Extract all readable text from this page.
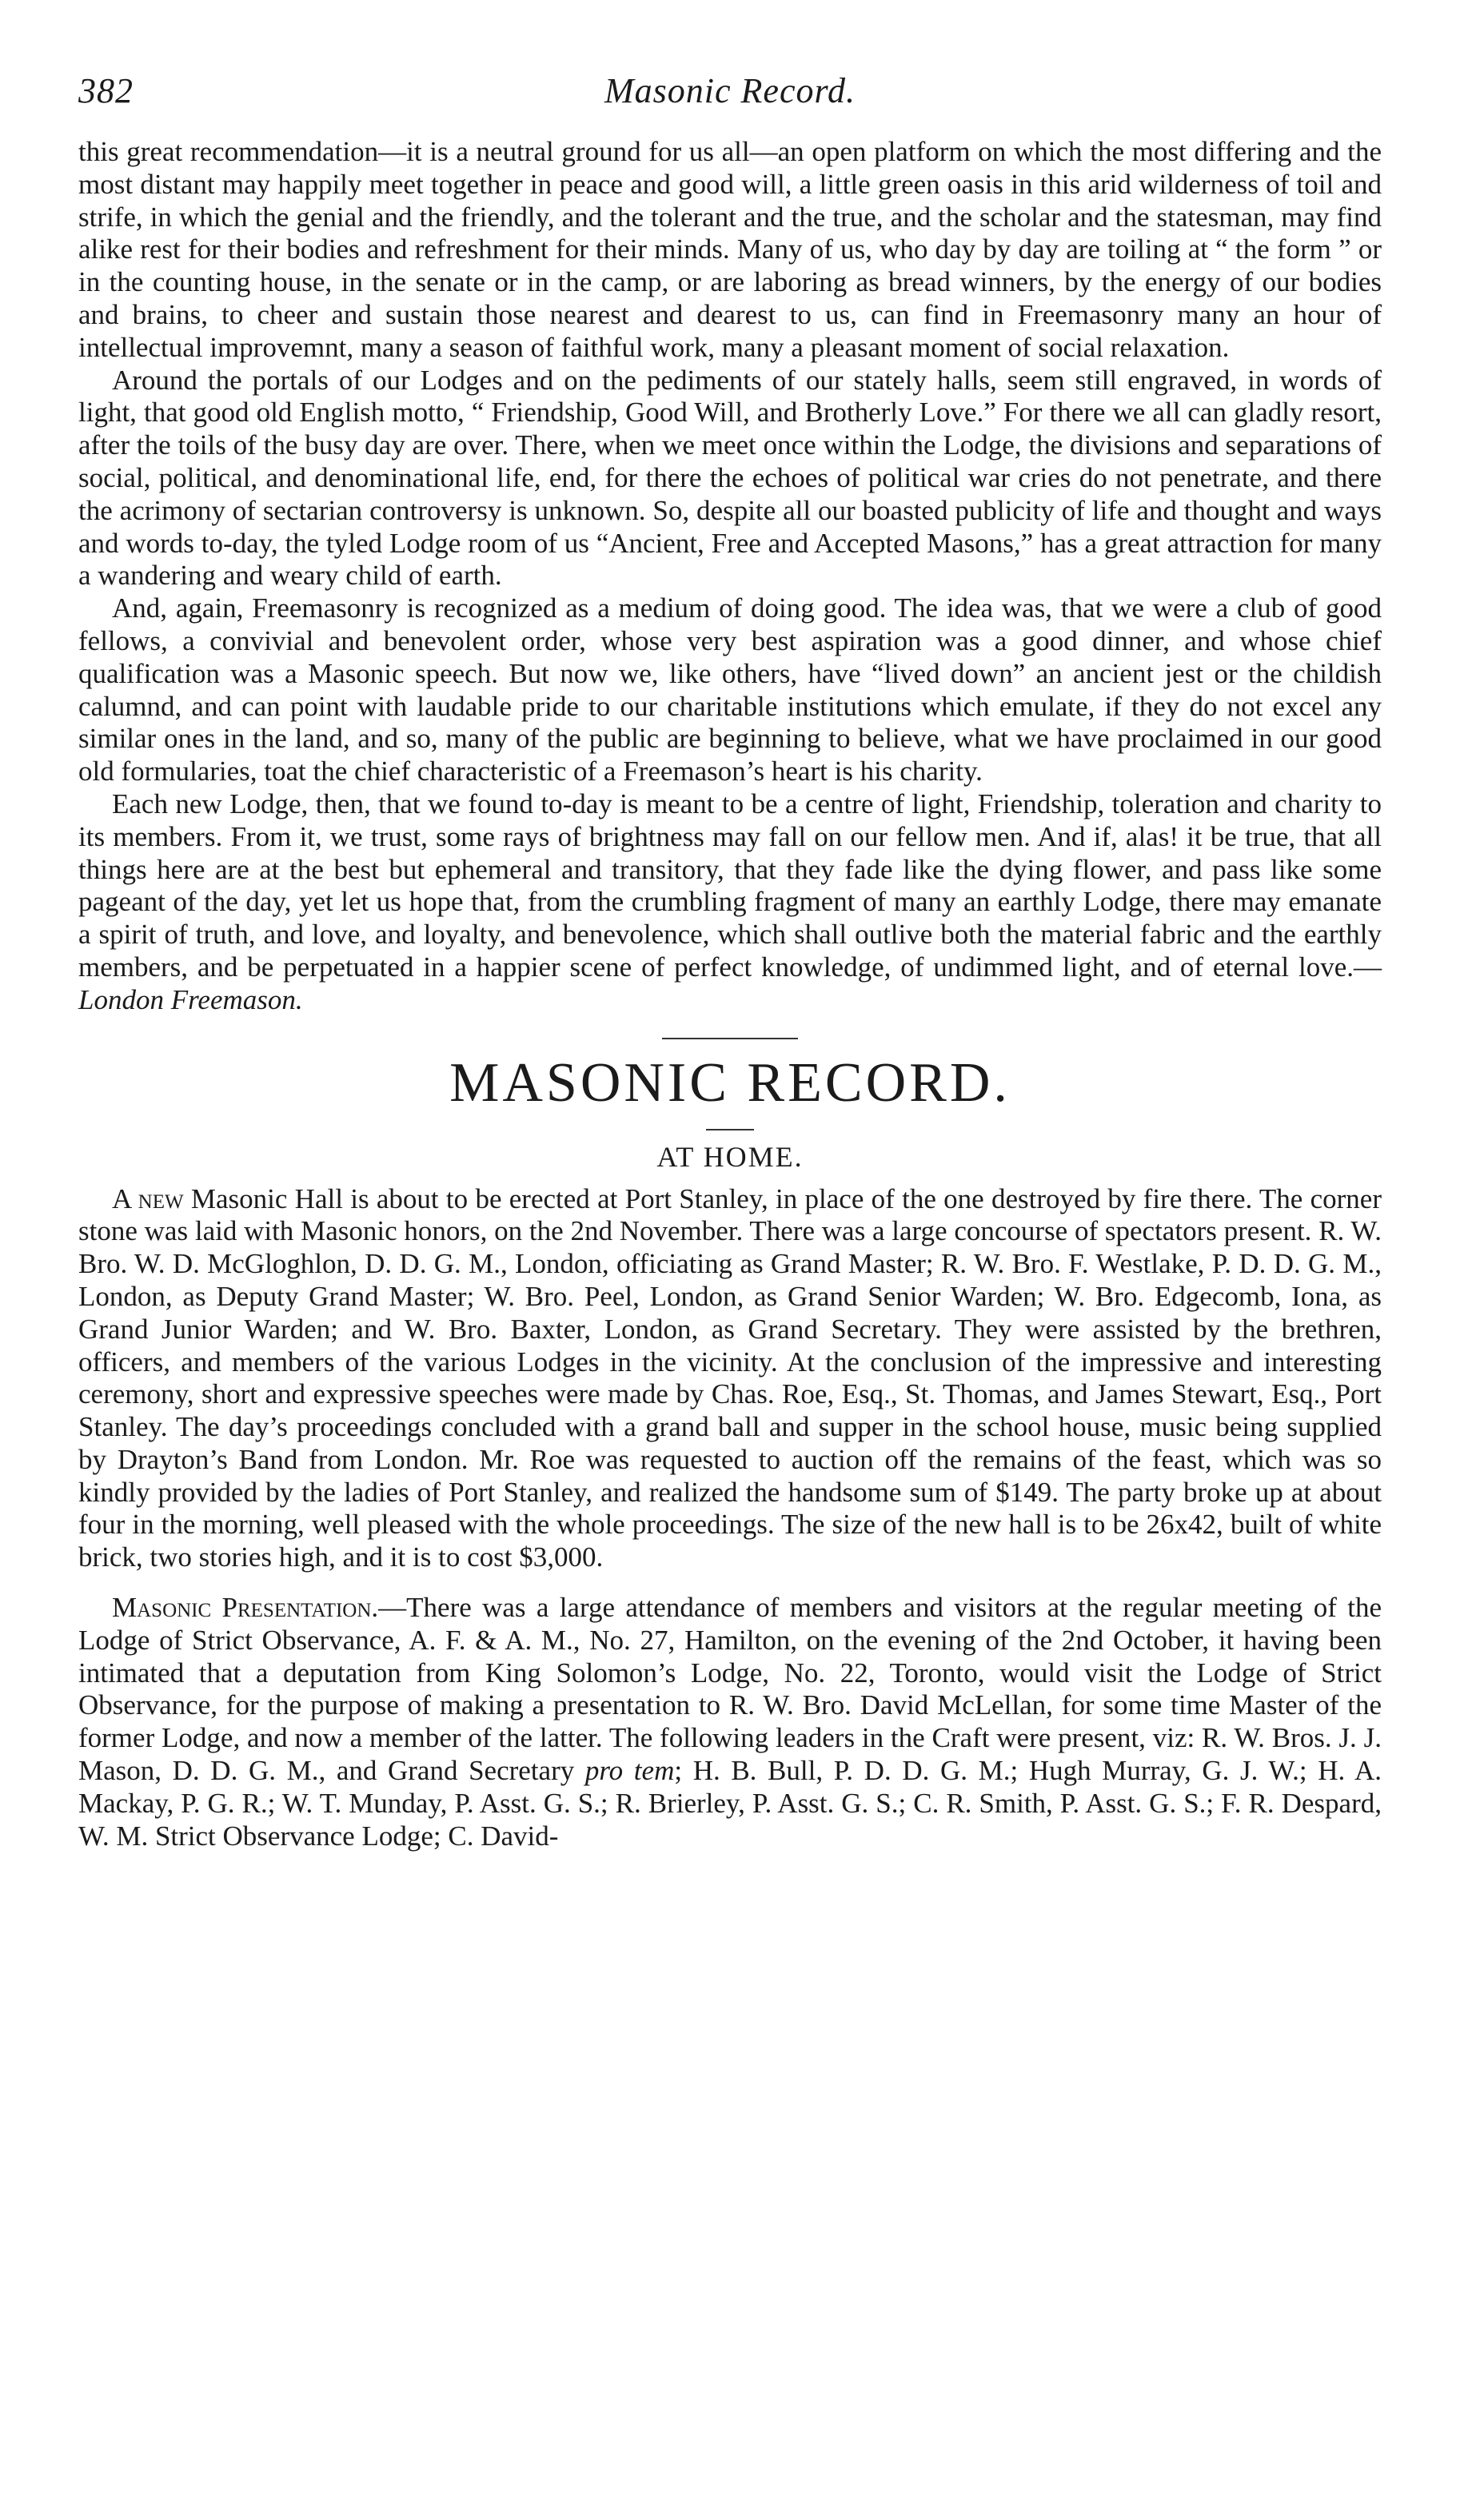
382	Masonic Record.

this great recommendation—it is a neutral ground for us all—an open platform on which the most differing and the most distant may happily meet together in peace and good will, a little green oasis in this arid wilderness of toil and strife, in which the genial and the friendly, and the tolerant and the true, and the scholar and the statesman, may find alike rest for their bodies and refreshment for their minds. Many of us, who day by day are toiling at “ the form ” or in the counting house, in the senate or in the camp, or are laboring as bread winners, by the energy of our bodies and brains, to cheer and sustain those nearest and dearest to us, can find in Freemasonry many an hour of intellectual improvemnt, many a season of faithful work, many a pleasant moment of social relaxation.

Around the portals of our Lodges and on the pediments of our stately halls, seem still engraved, in words of light, that good old English motto, “ Friendship, Good Will, and Brotherly Love.” For there we all can gladly resort, after the toils of the busy day are over. There, when we meet once within the Lodge, the divisions and separations of social, political, and denominational life, end, for there the echoes of political war cries do not penetrate, and there the acrimony of sectarian controversy is unknown. So, despite all our boasted publicity of life and thought and ways and words to-day, the tyled Lodge room of us “Ancient, Free and Accepted Masons,” has a great attraction for many a wandering and weary child of earth.

And, again, Freemasonry is recognized as a medium of doing good. The idea was, that we were a club of good fellows, a convivial and benevolent order, whose very best aspiration was a good dinner, and whose chief qualification was a Masonic speech. But now we, like others, have “lived down” an ancient jest or the childish calumnd, and can point with laudable pride to our charitable institutions which emulate, if they do not excel any similar ones in the land, and so, many of the public are beginning to believe, what we have proclaimed in our good old formularies, toat the chief characteristic of a Freemason’s heart is his charity.

Each new Lodge, then, that we found to-day is meant to be a centre of light, Friendship, toleration and charity to its members. From it, we trust, some rays of brightness may fall on our fellow men. And if, alas! it be true, that all things here are at the best but ephemeral and transitory, that they fade like the dying flower, and pass like some pageant of the day, yet let us hope that, from the crumbling fragment of many an earthly Lodge, there may emanate a spirit of truth, and love, and loyalty, and benevolence, which shall outlive both the material fabric and the earthly members, and be perpetuated in a happier scene of perfect knowledge, of undimmed light, and of eternal love.—London Freemason.

MASONIC RECORD.
AT HOME.

A new Masonic Hall is about to be erected at Port Stanley, in place of the one destroyed by fire there. The corner stone was laid with Masonic honors, on the 2nd November. There was a large concourse of spectators present. R. W. Bro. W. D. McGloghlon, D. D. G. M., London, officiating as Grand Master; R. W. Bro. F. Westlake, P. D. D. G. M., London, as Deputy Grand Master; W. Bro. Peel, London, as Grand Senior Warden; W. Bro. Edgecomb, Iona, as Grand Junior Warden; and W. Bro. Baxter, London, as Grand Secretary. They were assisted by the brethren, officers, and members of the various Lodges in the vicinity. At the conclusion of the impressive and interesting ceremony, short and expressive speeches were made by Chas. Roe, Esq., St. Thomas, and James Stewart, Esq., Port Stanley. The day’s proceedings concluded with a grand ball and supper in the school house, music being supplied by Drayton’s Band from London. Mr. Roe was requested to auction off the remains of the feast, which was so kindly provided by the ladies of Port Stanley, and realized the handsome sum of $149. The party broke up at about four in the morning, well pleased with the whole proceedings. The size of the new hall is to be 26x42, built of white brick, two stories high, and it is to cost $3,000.

Masonic Presentation.—There was a large attendance of members and visitors at the regular meeting of the Lodge of Strict Observance, A. F. & A. M., No. 27, Hamilton, on the evening of the 2nd October, it having been intimated that a deputation from King Solomon’s Lodge, No. 22, Toronto, would visit the Lodge of Strict Observance, for the purpose of making a presentation to R. W. Bro. David McLellan, for some time Master of the former Lodge, and now a member of the latter. The following leaders in the Craft were present, viz: R. W. Bros. J. J. Mason, D. D. G. M., and Grand Secretary pro tem; H. B. Bull, P. D. D. G. M.; Hugh Murray, G. J. W.; H. A. Mackay, P. G. R.; W. T. Munday, P. Asst. G. S.; R. Brierley, P. Asst. G. S.; C. R. Smith, P. Asst. G. S.; F. R. Despard, W. M. Strict Observance Lodge; C. David-
